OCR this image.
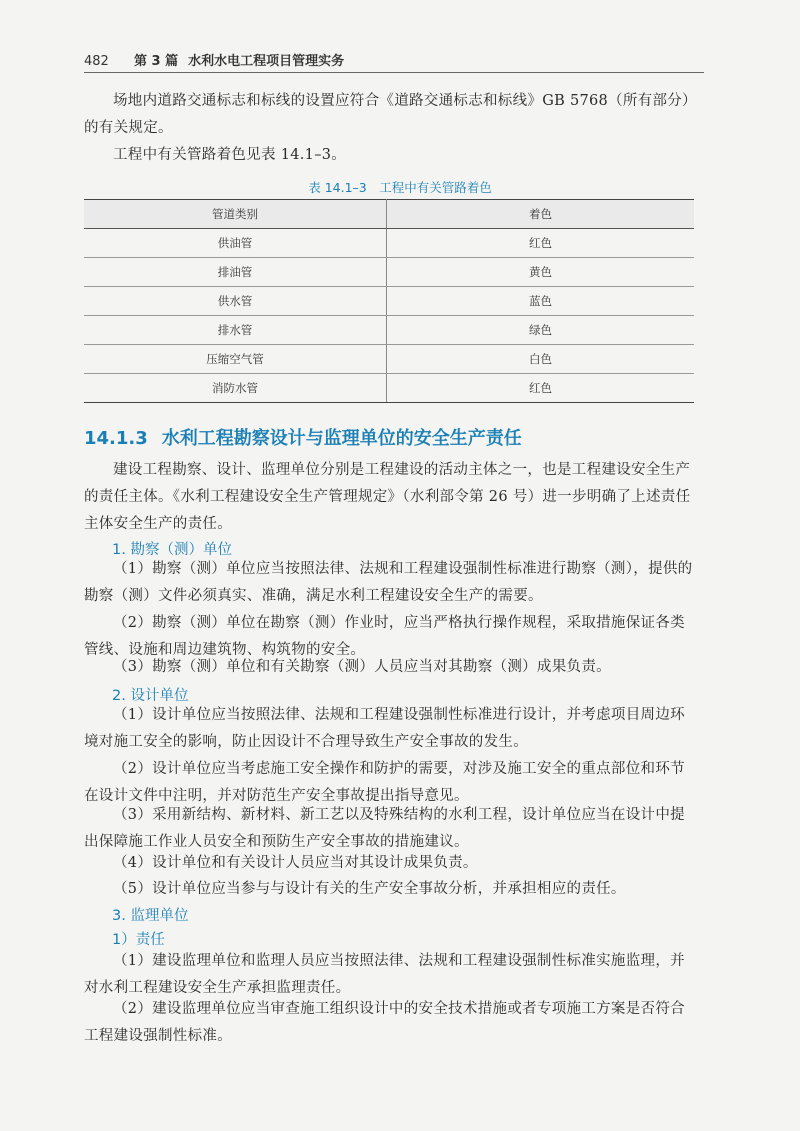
482 第 3 篇 水利水电工程项目管理实务
场地内道路交通标志和标线的设置应符合《道路交通标志和标线》GB 5768（所有部分）的有关规定。
工程中有关管路着色见表 14.1–3。
表 14.1–3　工程中有关管路着色
管道类别	着色
供油管	红色
排油管	黄色
供水管	蓝色
排水管	绿色
压缩空气管	白色
消防水管	红色
14.1.3 水利工程勘察设计与监理单位的安全生产责任
建设工程勘察、设计、监理单位分别是工程建设的活动主体之一，也是工程建设安全生产的责任主体。《水利工程建设安全生产管理规定》（水利部令第 26 号）进一步明确了上述责任主体安全生产的责任。
1. 勘察（测）单位
（1）勘察（测）单位应当按照法律、法规和工程建设强制性标准进行勘察（测），提供的勘察（测）文件必须真实、准确，满足水利工程建设安全生产的需要。
（2）勘察（测）单位在勘察（测）作业时，应当严格执行操作规程，采取措施保证各类管线、设施和周边建筑物、构筑物的安全。
（3）勘察（测）单位和有关勘察（测）人员应当对其勘察（测）成果负责。
2. 设计单位
（1）设计单位应当按照法律、法规和工程建设强制性标准进行设计，并考虑项目周边环境对施工安全的影响，防止因设计不合理导致生产安全事故的发生。
（2）设计单位应当考虑施工安全操作和防护的需要，对涉及施工安全的重点部位和环节在设计文件中注明，并对防范生产安全事故提出指导意见。
（3）采用新结构、新材料、新工艺以及特殊结构的水利工程，设计单位应当在设计中提出保障施工作业人员安全和预防生产安全事故的措施建议。
（4）设计单位和有关设计人员应当对其设计成果负责。
（5）设计单位应当参与与设计有关的生产安全事故分析，并承担相应的责任。
3. 监理单位
1）责任
（1）建设监理单位和监理人员应当按照法律、法规和工程建设强制性标准实施监理，并对水利工程建设安全生产承担监理责任。
（2）建设监理单位应当审查施工组织设计中的安全技术措施或者专项施工方案是否符合工程建设强制性标准。
